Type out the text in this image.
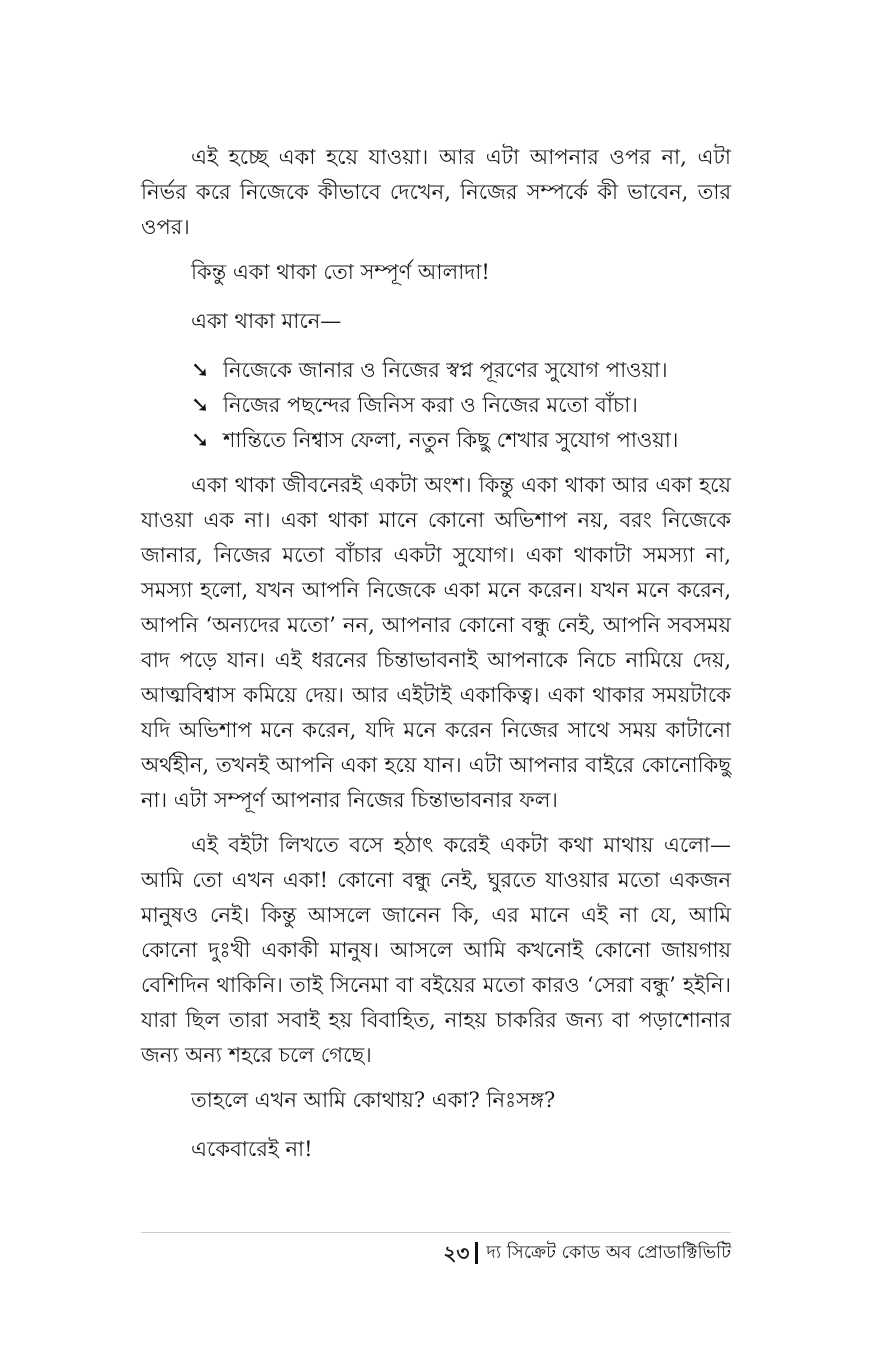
এই হচ্ছে একা হয়ে যাওয়া। আর এটা আপনার ওপর না, এটা নির্ভর করে নিজেকে কীভাবে দেখেন, নিজের সম্পর্কে কী ভাবেন, তার ওপর।

কিন্তু একা থাকা তো সম্পূর্ণ আলাদা!

একা থাকা মানে—

➘ নিজেকে জানার ও নিজের স্বপ্ন পূরণের সুযোগ পাওয়া।
➘ নিজের পছন্দের জিনিস করা ও নিজের মতো বাঁচা।
➘ শান্তিতে নিশ্বাস ফেলা, নতুন কিছু শেখার সুযোগ পাওয়া।

একা থাকা জীবনেরই একটা অংশ। কিন্তু একা থাকা আর একা হয়ে যাওয়া এক না। একা থাকা মানে কোনো অভিশাপ নয়, বরং নিজেকে জানার, নিজের মতো বাঁচার একটা সুযোগ। একা থাকাটা সমস্যা না, সমস্যা হলো, যখন আপনি নিজেকে একা মনে করেন। যখন মনে করেন, আপনি ‘অন্যদের মতো’ নন, আপনার কোনো বন্ধু নেই, আপনি সবসময় বাদ পড়ে যান। এই ধরনের চিন্তাভাবনাই আপনাকে নিচে নামিয়ে দেয়, আত্মবিশ্বাস কমিয়ে দেয়। আর এইটাই একাকিত্ব। একা থাকার সময়টাকে যদি অভিশাপ মনে করেন, যদি মনে করেন নিজের সাথে সময় কাটানো অর্থহীন, তখনই আপনি একা হয়ে যান। এটা আপনার বাইরে কোনোকিছু না। এটা সম্পূর্ণ আপনার নিজের চিন্তাভাবনার ফল।

এই বইটা লিখতে বসে হঠাৎ করেই একটা কথা মাথায় এলো— আমি তো এখন একা! কোনো বন্ধু নেই, ঘুরতে যাওয়ার মতো একজন মানুষও নেই। কিন্তু আসলে জানেন কি, এর মানে এই না যে, আমি কোনো দুঃখী একাকী মানুষ। আসলে আমি কখনোই কোনো জায়গায় বেশিদিন থাকিনি। তাই সিনেমা বা বইয়ের মতো কারও ‘সেরা বন্ধু’ হইনি। যারা ছিল তারা সবাই হয় বিবাহিত, নাহয় চাকরির জন্য বা পড়াশোনার জন্য অন্য শহরে চলে গেছে।

তাহলে এখন আমি কোথায়? একা? নিঃসঙ্গ?

একেবারেই না!

২৩ দ্য সিক্রেট কোড অব প্রোডাক্টিভিটি
